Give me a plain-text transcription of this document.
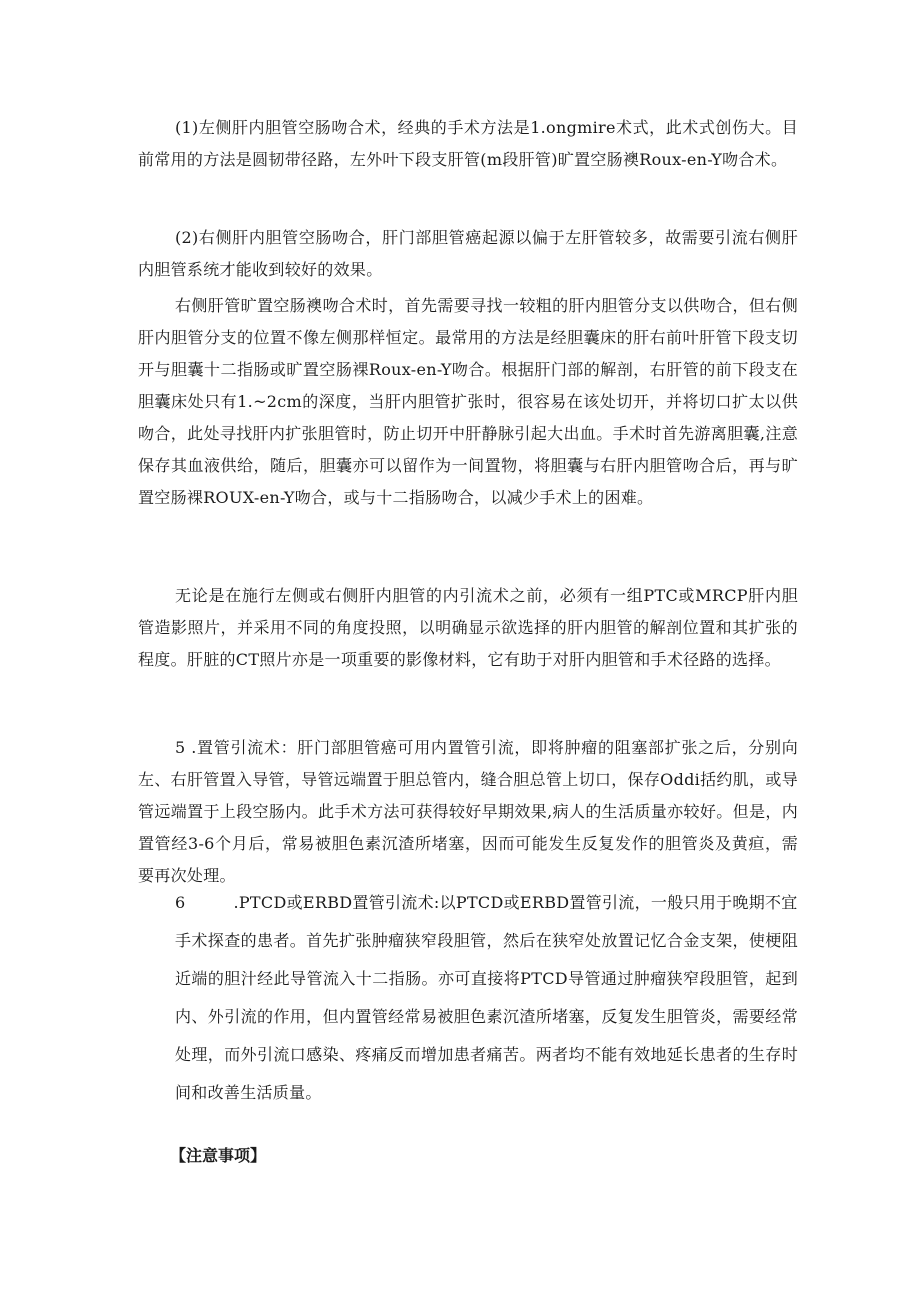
(1)左侧肝内胆管空肠吻合术，经典的手术方法是1.ongmire术式，此术式创伤大。目前常用的方法是圆韧带径路，左外叶下段支肝管(m段肝管)旷置空肠襖Roux-en-Y吻合术。

(2)右侧肝内胆管空肠吻合，肝门部胆管癌起源以偏于左肝管较多，故需要引流右侧肝内胆管系统才能收到较好的效果。

右侧肝管旷置空肠襖吻合术时，首先需要寻找一较粗的肝内胆管分支以供吻合，但右侧肝内胆管分支的位置不像左侧那样恒定。最常用的方法是经胆囊床的肝右前叶肝管下段支切开与胆囊十二指肠或旷置空肠裸Roux-en-Y吻合。根据肝门部的解剖，右肝管的前下段支在胆囊床处只有1.~2cm的深度，当肝内胆管扩张时，很容易在该处切开，并将切口扩太以供吻合，此处寻找肝内扩张胆管时，防止切开中肝静脉引起大出血。手术时首先游离胆囊,注意保存其血液供给，随后，胆囊亦可以留作为一间置物，将胆囊与右肝内胆管吻合后，再与旷置空肠裸ROUX-en-Y吻合，或与十二指肠吻合，以减少手术上的困难。

无论是在施行左侧或右侧肝内胆管的内引流术之前，必须有一组PTC或MRCP肝内胆管造影照片，并采用不同的角度投照，以明确显示欲选择的肝内胆管的解剖位置和其扩张的程度。肝脏的CT照片亦是一项重要的影像材料，它有助于对肝内胆管和手术径路的选择。

5 .置管引流术：肝门部胆管癌可用内置管引流，即将肿瘤的阻塞部扩张之后，分别向左、右肝管置入导管，导管远端置于胆总管内，缝合胆总管上切口，保存Oddi括约肌，或导管远端置于上段空肠内。此手术方法可获得较好早期效果,病人的生活质量亦较好。但是，内置管经3-6个月后，常易被胆色素沉渣所堵塞，因而可能发生反复发作的胆管炎及黄疸，需要再次处理。

6	.PTCD或ERBD置管引流术:以PTCD或ERBD置管引流，一般只用于晚期不宜
手术探查的患者。首先扩张肿瘤狭窄段胆管，然后在狭窄处放置记忆合金支架，使梗阻近端的胆汁经此导管流入十二指肠。亦可直接将PTCD导管通过肿瘤狭窄段胆管，起到内、外引流的作用，但内置管经常易被胆色素沉渣所堵塞，反复发生胆管炎，需要经常处理，而外引流口感染、疼痛反而增加患者痛苦。两者均不能有效地延长患者的生存时间和改善生活质量。

【注意事项】
